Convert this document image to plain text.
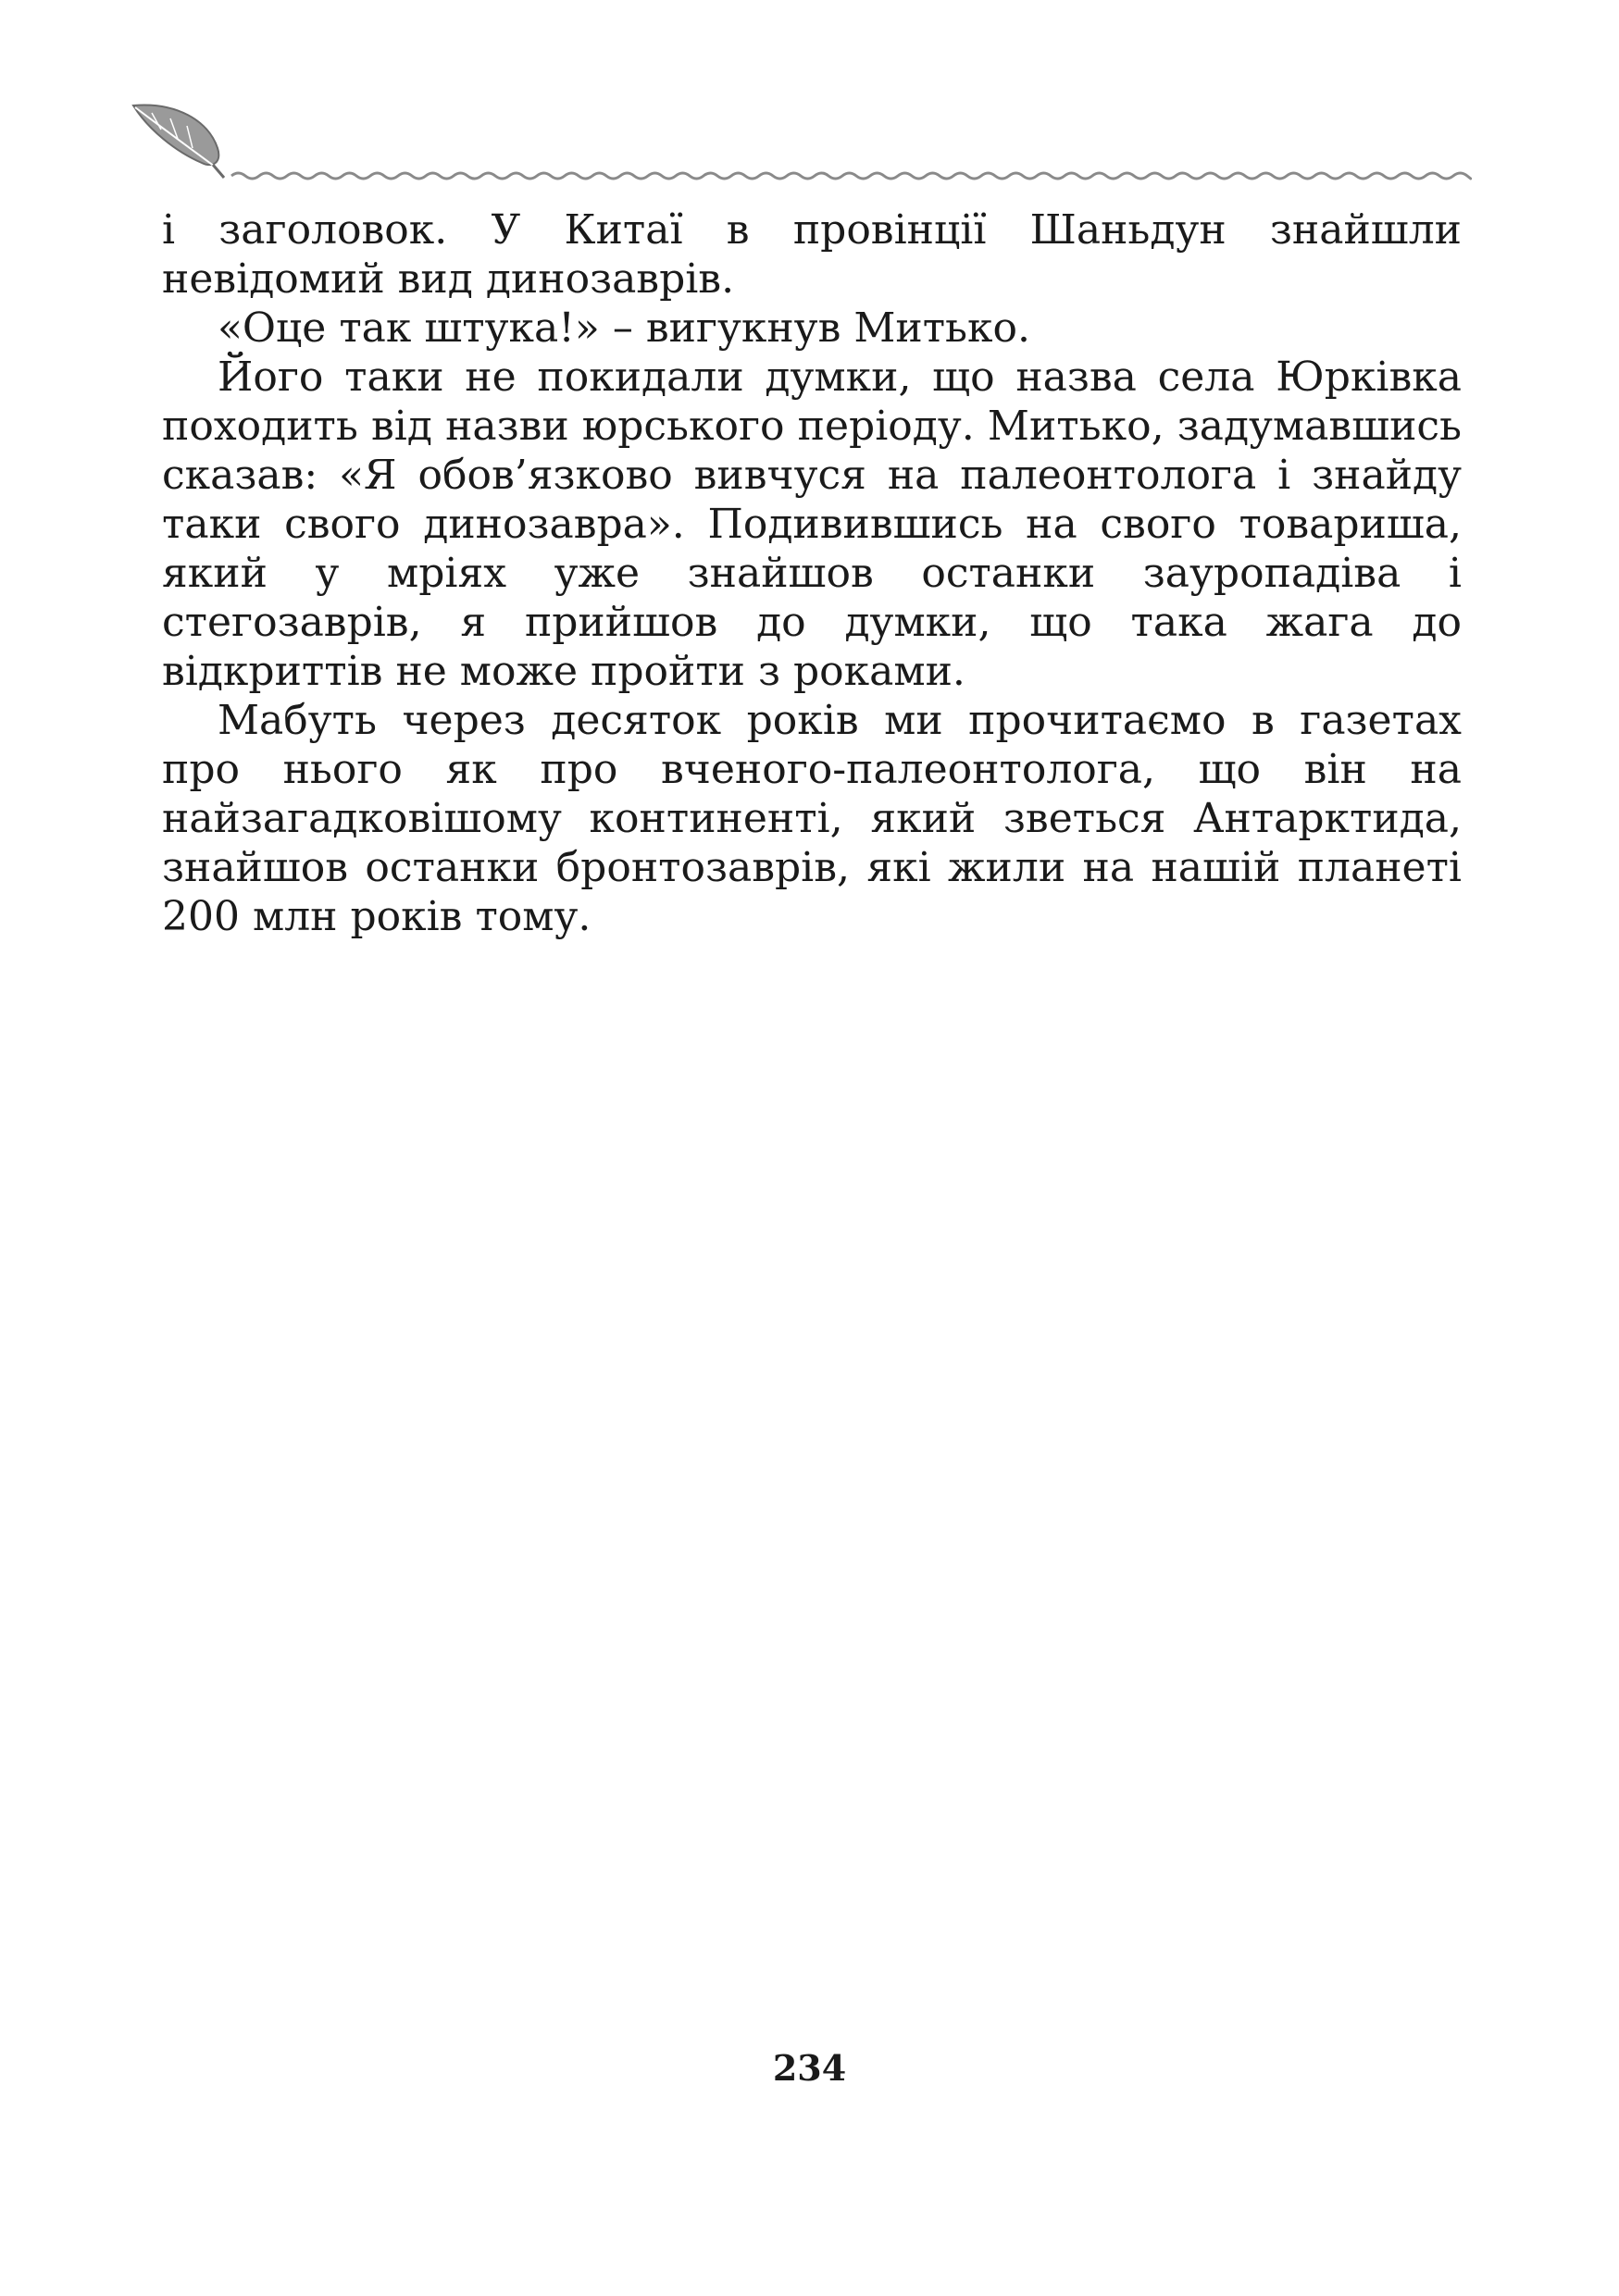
і заголовок. У Китаї в провінції Шаньдун знайшли невідомий вид динозаврів.

«Оце так штука!» – вигукнув Митько.

Його таки не покидали думки, що назва села Юрківка походить від назви юрського періоду. Митько, задумавшись сказав: «Я обов’язково вивчуся на палеонтолога і знайду таки свого динозавра». Подивившись на свого товариша, який у мріях уже знайшов останки зауропадіва і стегозаврів, я прийшов до думки, що така жага до відкриттів не може пройти з роками.

Мабуть через десяток років ми прочитаємо в газетах про нього як про вченого-палеонтолога, що він на найзагадковішому континенті, який зветься Антарктида, знайшов останки бронтозаврів, які жили на нашій планеті 200 млн років тому.

234
